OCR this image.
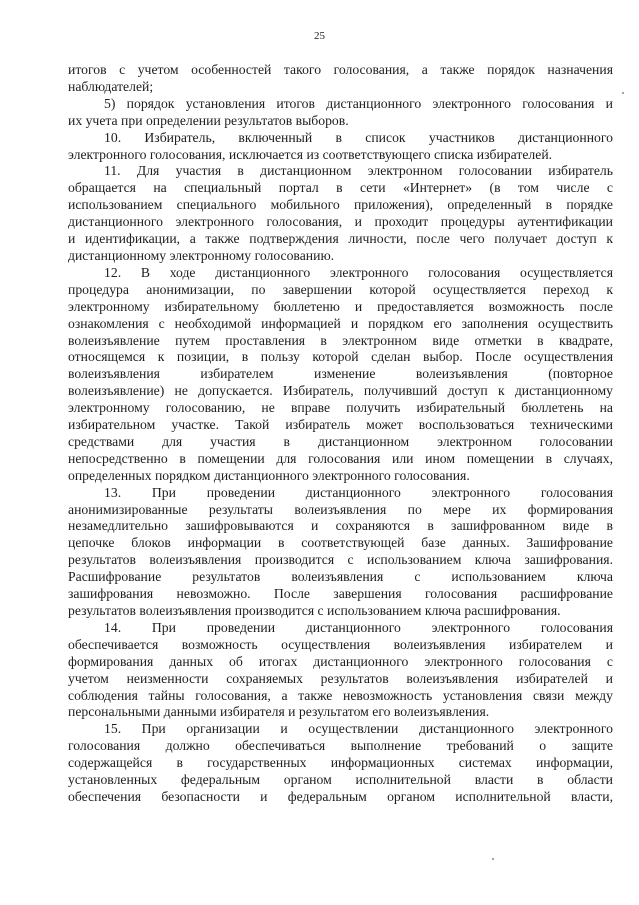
25

итогов с учетом особенностей такого голосования, а также порядок назначения
наблюдателей;

5) порядок установления итогов дистанционного электронного голосования и
их учета при определении результатов выборов.

10. Избиратель, включенный в список участников дистанционного
электронного голосования, исключается из соответствующего списка избирателей.

11. Для участия в дистанционном электронном голосовании избиратель
обращается на специальный портал в сети «Интернет» (в том числе с
использованием специального мобильного приложения), определенный в порядке
дистанционного электронного голосования, и проходит процедуры аутентификации
и идентификации, а также подтверждения личности, после чего получает доступ к
дистанционному электронному голосованию.

12. В ходе дистанционного электронного голосования осуществляется
процедура анонимизации, по завершении которой осуществляется переход к
электронному избирательному бюллетеню и предоставляется возможность после
ознакомления с необходимой информацией и порядком его заполнения осуществить
волеизъявление путем проставления в электронном виде отметки в квадрате,
относящемся к позиции, в пользу которой сделан выбор. После осуществления
волеизъявления избирателем изменение волеизъявления (повторное
волеизъявление) не допускается. Избиратель, получивший доступ к дистанционному
электронному голосованию, не вправе получить избирательный бюллетень на
избирательном участке. Такой избиратель может воспользоваться техническими
средствами для участия в дистанционном электронном голосовании
непосредственно в помещении для голосования или ином помещении в случаях,
определенных порядком дистанционного электронного голосования.

13. При проведении дистанционного электронного голосования
анонимизированные результаты волеизъявления по мере их формирования
незамедлительно зашифровываются и сохраняются в зашифрованном виде в
цепочке блоков информации в соответствующей базе данных. Зашифрование
результатов волеизъявления производится с использованием ключа зашифрования.
Расшифрование результатов волеизъявления с использованием ключа
зашифрования невозможно. После завершения голосования расшифрование
результатов волеизъявления производится с использованием ключа расшифрования.

14. При проведении дистанционного электронного голосования
обеспечивается возможность осуществления волеизъявления избирателем и
формирования данных об итогах дистанционного электронного голосования с
учетом неизменности сохраняемых результатов волеизъявления избирателей и
соблюдения тайны голосования, а также невозможность установления связи между
персональными данными избирателя и результатом его волеизъявления.

15. При организации и осуществлении дистанционного электронного
голосования должно обеспечиваться выполнение требований о защите
содержащейся в государственных информационных системах информации,
установленных федеральным органом исполнительной власти в области
обеспечения безопасности и федеральным органом исполнительной власти,
